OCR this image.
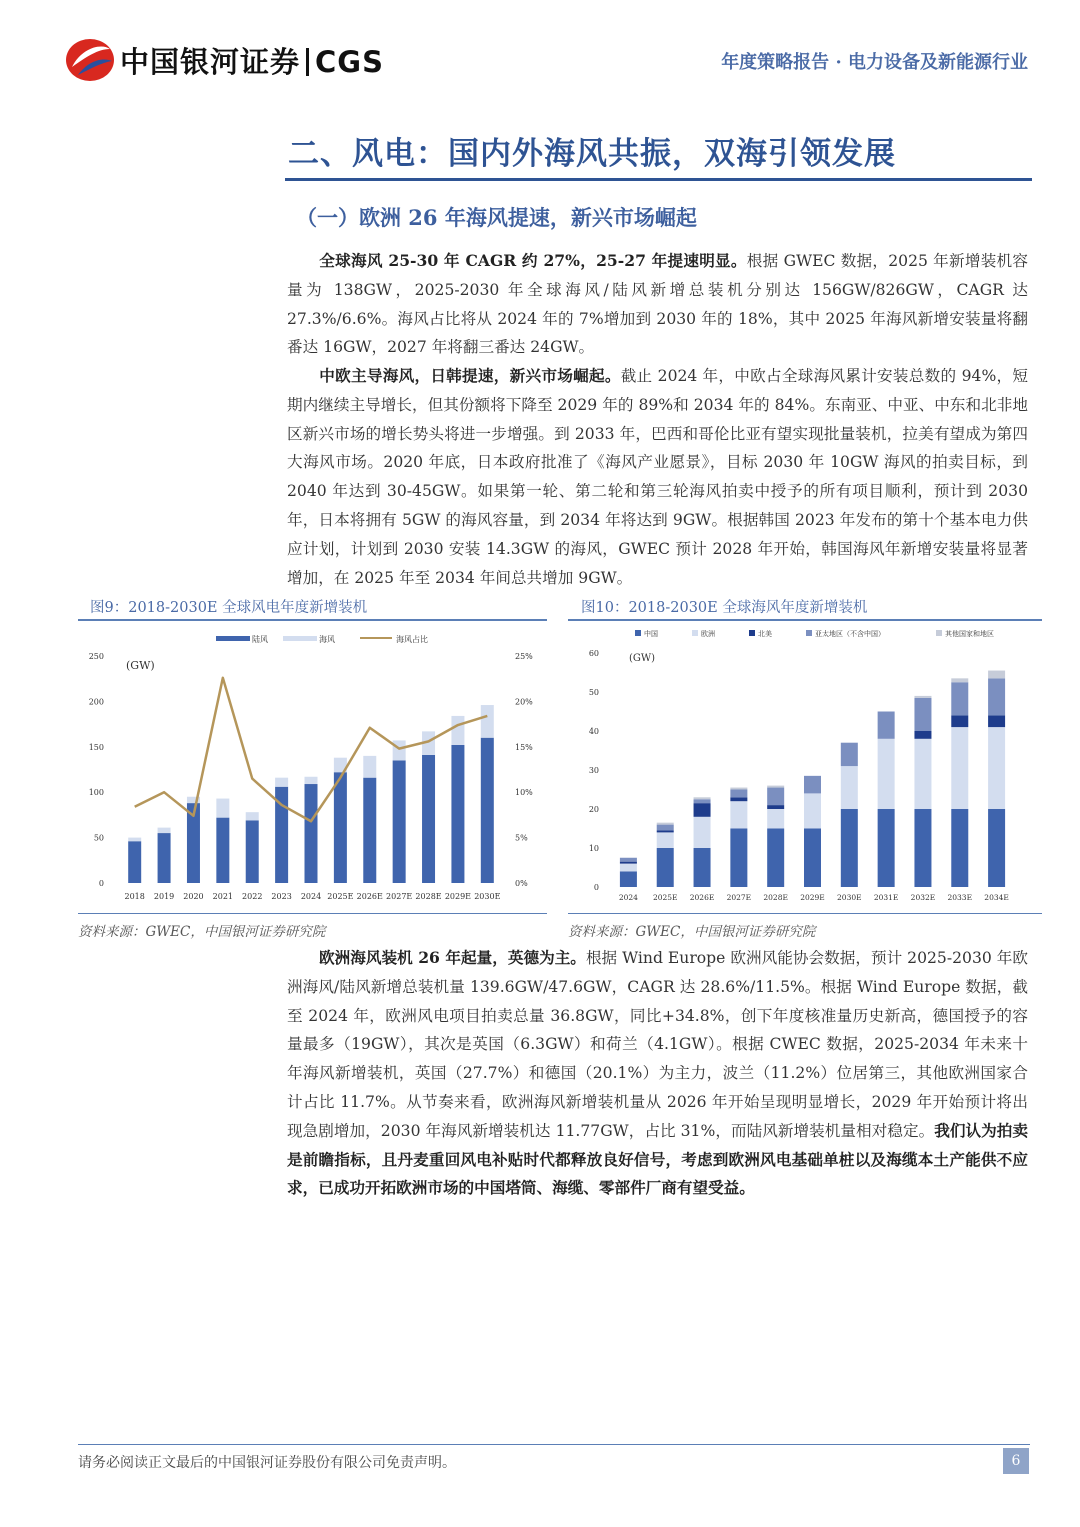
中国银河证券 CGS	年度策略报告 · 电力设备及新能源行业
二、风电：国内外海风共振，双海引领发展
（一）欧洲 26 年海风提速，新兴市场崛起
全球海风 25-30 年 CAGR 约 27%，25-27 年提速明显。根据 GWEC 数据，2025 年新增装机容量为 138GW，2025-2030 年全球海风/陆风新增总装机分别达 156GW/826GW，CAGR 达 27.3%/6.6%。海风占比将从 2024 年的 7%增加到 2030 年的 18%，其中 2025 年海风新增安装量将翻番达 16GW，2027 年将翻三番达 24GW。
中欧主导海风，日韩提速，新兴市场崛起。截止 2024 年，中欧占全球海风累计安装总数的 94%，短期内继续主导增长，但其份额将下降至 2029 年的 89%和 2034 年的 84%。东南亚、中亚、中东和北非地区新兴市场的增长势头将进一步增强。到 2033 年，巴西和哥伦比亚有望实现批量装机，拉美有望成为第四大海风市场。2020 年底，日本政府批准了《海风产业愿景》，目标 2030 年 10GW 海风的拍卖目标，到 2040 年达到 30-45GW。如果第一轮、第二轮和第三轮海风拍卖中授予的所有项目顺利，预计到 2030 年，日本将拥有 5GW 的海风容量，到 2034 年将达到 9GW。根据韩国 2023 年发布的第十个基本电力供应计划，计划到 2030 安装 14.3GW 的海风，GWEC 预计 2028 年开始，韩国海风年新增安装量将显著增加，在 2025 年至 2034 年间总共增加 9GW。
图9：2018-2030E 全球风电年度新增装机
陆风	海风	海风占比
(GW)
0
50
100
150
200
250
0%
5%
10%
15%
20%
25%
2018 2019 2020 2021 2022 2023 2024 2025E 2026E 2027E 2028E 2029E 2030E
资料来源：GWEC，中国银河证券研究院
图10：2018-2030E 全球海风年度新增装机
中国	欧洲	北美	亚太地区（不含中国）	其他国家和地区
(GW)
0
10
20
30
40
50
60
2024 2025E 2026E 2027E 2028E 2029E 2030E 2031E 2032E 2033E 2034E
资料来源：GWEC，中国银河证券研究院
欧洲海风装机 26 年起量，英德为主。根据 Wind Europe 欧洲风能协会数据，预计 2025-2030 年欧洲海风/陆风新增总装机量 139.6GW/47.6GW，CAGR 达 28.6%/11.5%。根据 Wind Europe 数据，截至 2024 年，欧洲风电项目拍卖总量 36.8GW，同比+34.8%，创下年度核准量历史新高，德国授予的容量最多（19GW），其次是英国（6.3GW）和荷兰（4.1GW）。根据 CWEC 数据，2025-2034 年未来十年海风新增装机，英国（27.7%）和德国（20.1%）为主力，波兰（11.2%）位居第三，其他欧洲国家合计占比 11.7%。从节奏来看，欧洲海风新增装机量从 2026 年开始呈现明显增长，2029 年开始预计将出现急剧增加，2030 年海风新增装机达 11.77GW，占比 31%，而陆风新增装机量相对稳定。我们认为拍卖是前瞻指标，且丹麦重回风电补贴时代都释放良好信号，考虑到欧洲风电基础单桩以及海缆本土产能供不应求，已成功开拓欧洲市场的中国塔筒、海缆、零部件厂商有望受益。
请务必阅读正文最后的中国银河证券股份有限公司免责声明。	6
